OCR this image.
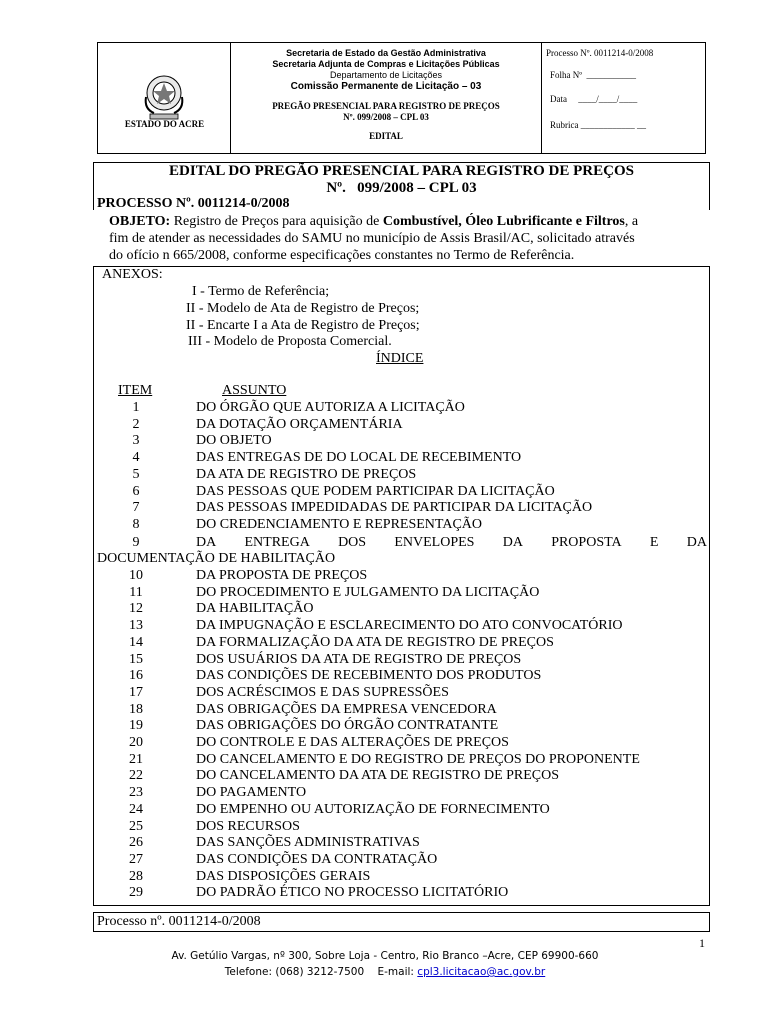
ESTADO DO ACRE
Secretaria de Estado da Gestão Administrativa
Secretaria Adjunta de Compras e Licitações Públicas
Departamento de Licitações
Comissão Permanente de Licitação – 03
PREGÃO PRESENCIAL PARA REGISTRO DE PREÇOS
Nº. 099/2008 – CPL 03
EDITAL
Processo Nº. 0011214-0/2008
Folha Nº  ___________
Data     ____/____/____
Rubrica ____________ __
EDITAL DO PREGÃO PRESENCIAL PARA REGISTRO DE PREÇOS
Nº.   099/2008 – CPL 03
PROCESSO Nº. 0011214-0/2008
OBJETO: Registro de Preços para aquisição de Combustível, Óleo Lubrificante e Filtros, a
fim de atender as necessidades do SAMU no município de Assis Brasil/AC, solicitado através
do ofício n 665/2008, conforme especificações constantes no Termo de Referência.
ANEXOS:
I - Termo de Referência;
II - Modelo de Ata de Registro de Preços;
II - Encarte I a Ata de Registro de Preços;
III - Modelo de Proposta Comercial.
ÍNDICE
ITEM	ASSUNTO
1	DO ÓRGÃO QUE AUTORIZA A LICITAÇÃO
2	DA DOTAÇÃO ORÇAMENTÁRIA
3	DO OBJETO
4	DAS ENTREGAS DE DO LOCAL DE RECEBIMENTO
5	DA ATA DE REGISTRO DE PREÇOS
6	DAS PESSOAS QUE PODEM PARTICIPAR DA LICITAÇÃO
7	DAS PESSOAS IMPEDIDADAS DE PARTICIPAR DA LICITAÇÃO
8	DO CREDENCIAMENTO E REPRESENTAÇÃO
9	DA ENTREGA DOS ENVELOPES DA PROPOSTA E DA
DOCUMENTAÇÃO DE HABILITAÇÃO
10	DA PROPOSTA DE PREÇOS
11	DO PROCEDIMENTO E JULGAMENTO DA LICITAÇÃO
12	DA HABILITAÇÃO
13	DA IMPUGNAÇÃO E ESCLARECIMENTO DO ATO CONVOCATÓRIO
14	DA FORMALIZAÇÃO DA ATA DE REGISTRO DE PREÇOS
15	DOS USUÁRIOS DA ATA DE REGISTRO DE PREÇOS
16	DAS CONDIÇÕES DE RECEBIMENTO DOS PRODUTOS
17	DOS ACRÉSCIMOS E DAS SUPRESSÕES
18	DAS OBRIGAÇÕES DA EMPRESA VENCEDORA
19	DAS OBRIGAÇÕES DO ÓRGÃO CONTRATANTE
20	DO CONTROLE E DAS ALTERAÇÕES DE PREÇOS
21	DO CANCELAMENTO E DO REGISTRO DE PREÇOS DO PROPONENTE
22	DO CANCELAMENTO DA ATA DE REGISTRO DE PREÇOS
23	DO PAGAMENTO
24	DO EMPENHO OU AUTORIZAÇÃO DE FORNECIMENTO
25	DOS RECURSOS
26	DAS SANÇÕES ADMINISTRATIVAS
27	DAS CONDIÇÕES DA CONTRATAÇÃO
28	DAS DISPOSIÇÕES GERAIS
29	DO PADRÃO ÉTICO NO PROCESSO LICITATÓRIO
Processo nº. 0011214-0/2008
1
Av. Getúlio Vargas, nº 300, Sobre Loja - Centro, Rio Branco –Acre, CEP 69900-660
Telefone: (068) 3212-7500    E-mail: cpl3.licitacao@ac.gov.br
